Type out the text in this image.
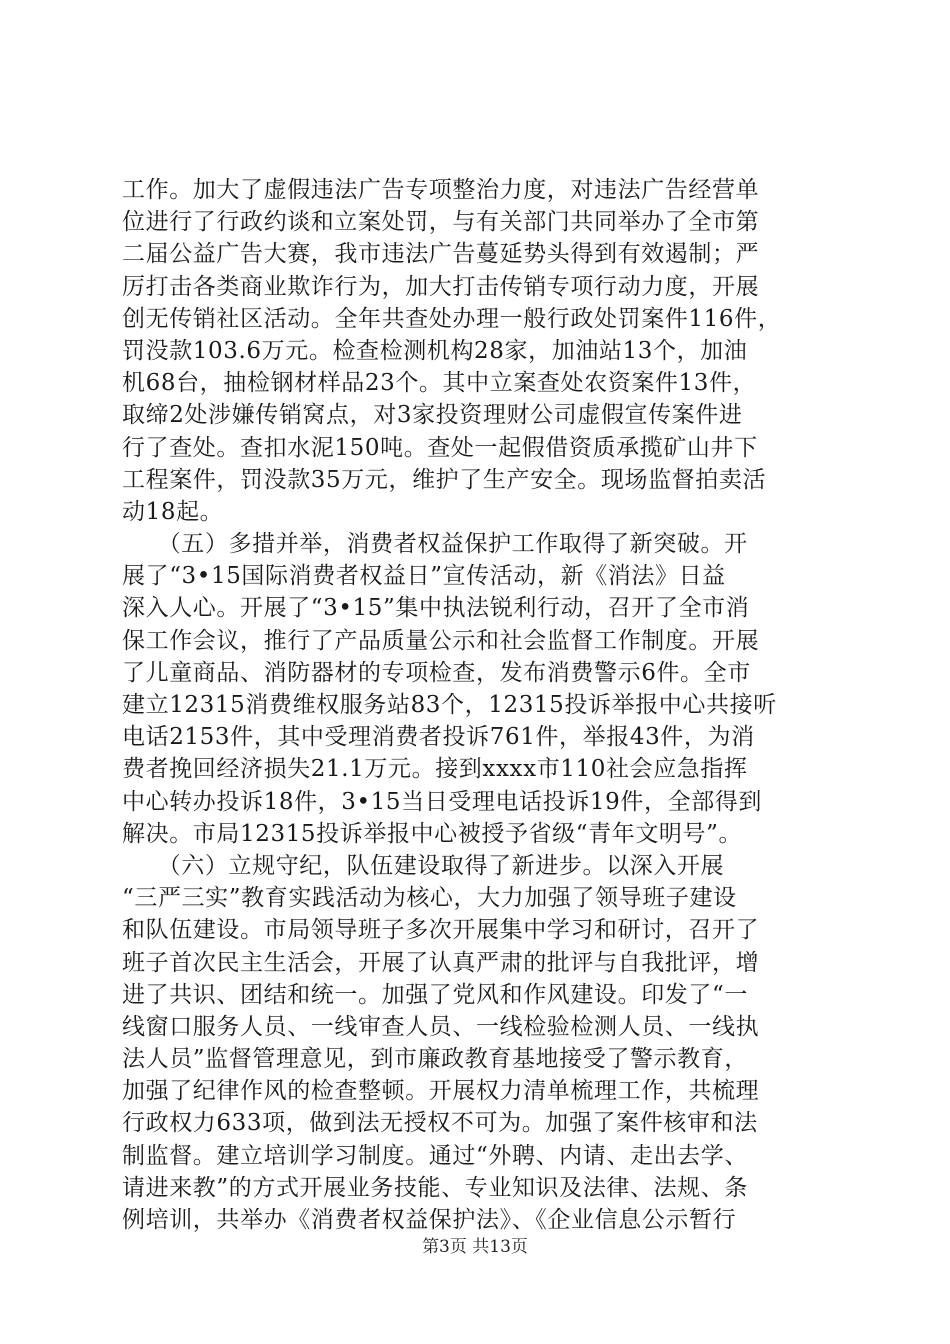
工作。加大了虚假违法广告专项整治力度，对违法广告经营单
位进行了行政约谈和立案处罚，与有关部门共同举办了全市第
二届公益广告大赛，我市违法广告蔓延势头得到有效遏制；严
厉打击各类商业欺诈行为，加大打击传销专项行动力度，开展
创无传销社区活动。全年共查处办理一般行政处罚案件116件，
罚没款103.6万元。检查检测机构28家，加油站13个，加油
机68台，抽检钢材样品23个。其中立案查处农资案件13件，
取缔2处涉嫌传销窝点，对3家投资理财公司虚假宣传案件进
行了查处。查扣水泥150吨。查处一起假借资质承揽矿山井下
工程案件，罚没款35万元，维护了生产安全。现场监督拍卖活
动18起。
　　（五）多措并举，消费者权益保护工作取得了新突破。开
展了“3•15国际消费者权益日”宣传活动，新《消法》日益
深入人心。开展了“3•15”集中执法锐利行动，召开了全市消
保工作会议，推行了产品质量公示和社会监督工作制度。开展
了儿童商品、消防器材的专项检查，发布消费警示6件。全市
建立12315消费维权服务站83个，12315投诉举报中心共接听
电话2153件，其中受理消费者投诉761件，举报43件，为消
费者挽回经济损失21.1万元。接到xxxx市110社会应急指挥
中心转办投诉18件，3•15当日受理电话投诉19件，全部得到
解决。市局12315投诉举报中心被授予省级“青年文明号”。
　　（六）立规守纪，队伍建设取得了新进步。以深入开展
“三严三实”教育实践活动为核心，大力加强了领导班子建设
和队伍建设。市局领导班子多次开展集中学习和研讨，召开了
班子首次民主生活会，开展了认真严肃的批评与自我批评，增
进了共识、团结和统一。加强了党风和作风建设。印发了“一
线窗口服务人员、一线审查人员、一线检验检测人员、一线执
法人员”监督管理意见，到市廉政教育基地接受了警示教育，
加强了纪律作风的检查整顿。开展权力清单梳理工作，共梳理
行政权力633项，做到法无授权不可为。加强了案件核审和法
制监督。建立培训学习制度。通过“外聘、内请、走出去学、
请进来教”的方式开展业务技能、专业知识及法律、法规、条
例培训，共举办《消费者权益保护法》、《企业信息公示暂行
第3页 共13页
